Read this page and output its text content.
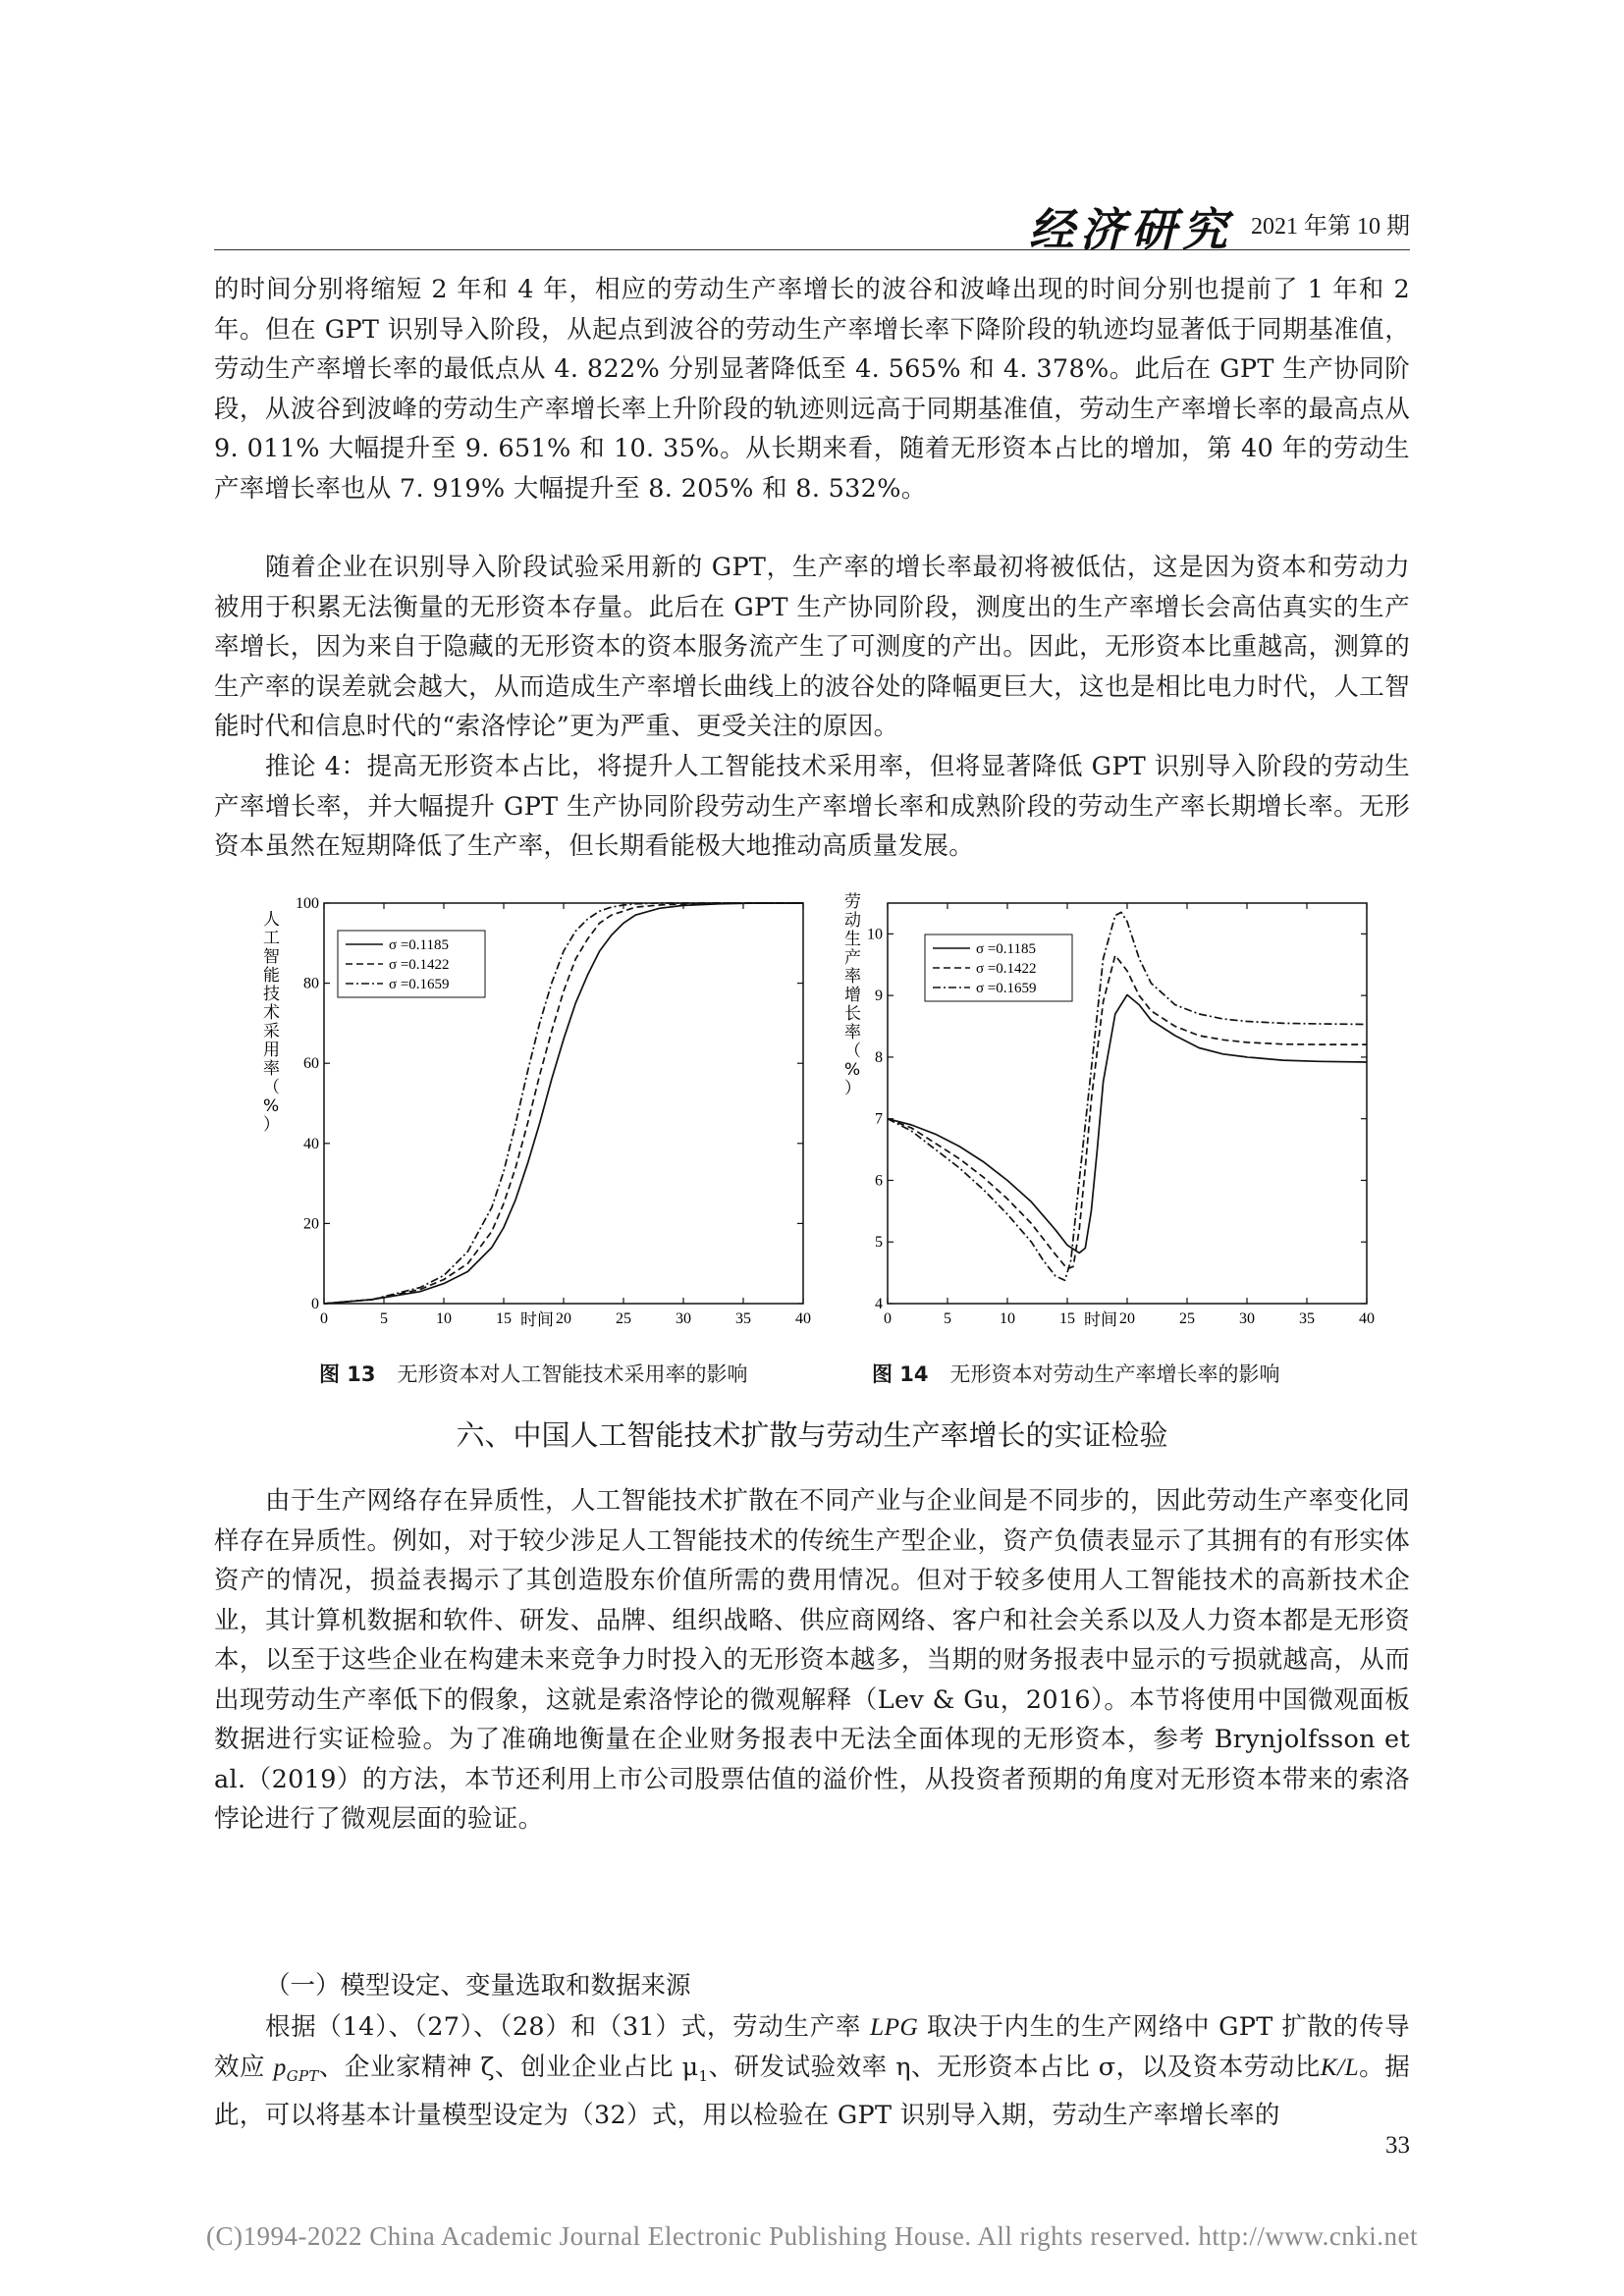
经济研究 2021 年第 10 期
的时间分别将缩短 2 年和 4 年，相应的劳动生产率增长的波谷和波峰出现的时间分别也提前了 1 年和 2 年。但在 GPT 识别导入阶段，从起点到波谷的劳动生产率增长率下降阶段的轨迹均显著低于同期基准值，劳动生产率增长率的最低点从 4. 822% 分别显著降低至 4. 565% 和 4. 378%。此后在 GPT 生产协同阶段，从波谷到波峰的劳动生产率增长率上升阶段的轨迹则远高于同期基准值，劳动生产率增长率的最高点从 9. 011% 大幅提升至 9. 651% 和 10. 35%。从长期来看，随着无形资本占比的增加，第 40 年的劳动生产率增长率也从 7. 919% 大幅提升至 8. 205% 和 8. 532%。
随着企业在识别导入阶段试验采用新的 GPT，生产率的增长率最初将被低估，这是因为资本和劳动力被用于积累无法衡量的无形资本存量。此后在 GPT 生产协同阶段，测度出的生产率增长会高估真实的生产率增长，因为来自于隐藏的无形资本的资本服务流产生了可测度的产出。因此，无形资本比重越高，测算的生产率的误差就会越大，从而造成生产率增长曲线上的波谷处的降幅更巨大，这也是相比电力时代，人工智能时代和信息时代的“索洛悖论”更为严重、更受关注的原因。
推论 4：提高无形资本占比，将提升人工智能技术采用率，但将显著降低 GPT 识别导入阶段的劳动生产率增长率，并大幅提升 GPT 生产协同阶段劳动生产率增长率和成熟阶段的劳动生产率长期增长率。无形资本虽然在短期降低了生产率，但长期看能极大地推动高质量发展。
0	5	10	15	20	25	30	35	40
0
20
40
60
80
100
σ =0.1185
σ =0.1422
σ =0.1659
时间
人工智能技术采用率（%）
0	5	10	15	20	25	30	35	40
4
5
6
7
8
9
10
σ =0.1185
σ =0.1422
σ =0.1659
时间
劳动生产率增长率（%）
图 13 无形资本对人工智能技术采用率的影响	图 14 无形资本对劳动生产率增长率的影响
六、中国人工智能技术扩散与劳动生产率增长的实证检验
由于生产网络存在异质性，人工智能技术扩散在不同产业与企业间是不同步的，因此劳动生产率变化同样存在异质性。例如，对于较少涉足人工智能技术的传统生产型企业，资产负债表显示了其拥有的有形实体资产的情况，损益表揭示了其创造股东价值所需的费用情况。但对于较多使用人工智能技术的高新技术企业，其计算机数据和软件、研发、品牌、组织战略、供应商网络、客户和社会关系以及人力资本都是无形资本，以至于这些企业在构建未来竞争力时投入的无形资本越多，当期的财务报表中显示的亏损就越高，从而出现劳动生产率低下的假象，这就是索洛悖论的微观解释（Lev & Gu，2016）。本节将使用中国微观面板数据进行实证检验。为了准确地衡量在企业财务报表中无法全面体现的无形资本，参考 Brynjolfsson et al.（2019）的方法，本节还利用上市公司股票估值的溢价性，从投资者预期的角度对无形资本带来的索洛悖论进行了微观层面的验证。
（一）模型设定、变量选取和数据来源
根据（14）、（27）、（28）和（31）式，劳动生产率 LPG 取决于内生的生产网络中 GPT 扩散的传导效应 $p_{GPT}$、企业家精神 ζ、创业企业占比 $\mu_1$、研发试验效率 η、无形资本占比 σ，以及资本劳动比K/L。据此，可以将基本计量模型设定为（32）式，用以检验在 GPT 识别导入期，劳动生产率增长率的
33
(C)1994-2022 China Academic Journal Electronic Publishing House. All rights reserved. http://www.cnki.net
